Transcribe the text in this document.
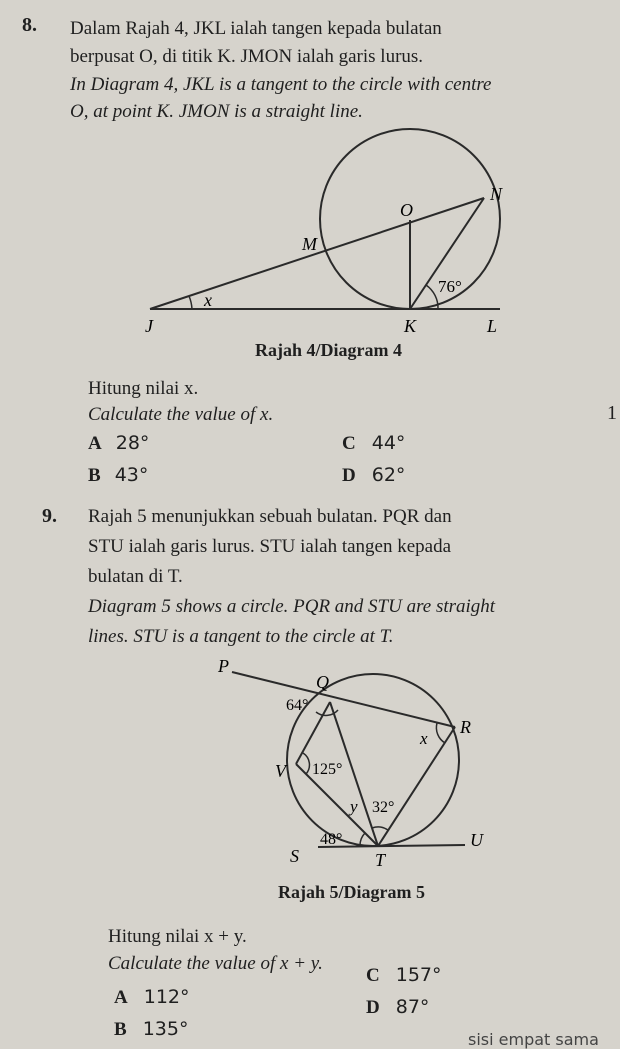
8. Dalam Rajah 4, JKL ialah tangen kepada bulatan
berpusat O, di titik K. JMON ialah garis lurus.
In Diagram 4, JKL is a tangent to the circle with centre
O, at point K. JMON is a straight line.
O
N
M
76°
x
J	K	L
Rajah 4/Diagram 4
Hitung nilai x.
Calculate the value of x.	1
A 28°
B 43°
C 44°
D 62°
9. Rajah 5 menunjukkan sebuah bulatan. PQR dan
STU ialah garis lurus. STU ialah tangen kepada
bulatan di T.
Diagram 5 shows a circle. PQR and STU are straight
lines. STU is a tangent to the circle at T.
P
Q
R
V
S	T
U
x
y
64°
125°
32°
48°
Rajah 5/Diagram 5
Hitung nilai x + y.
Calculate the value of x + y.
A 112°
B 135°
C 157°
D 87°
sisi empat sama
